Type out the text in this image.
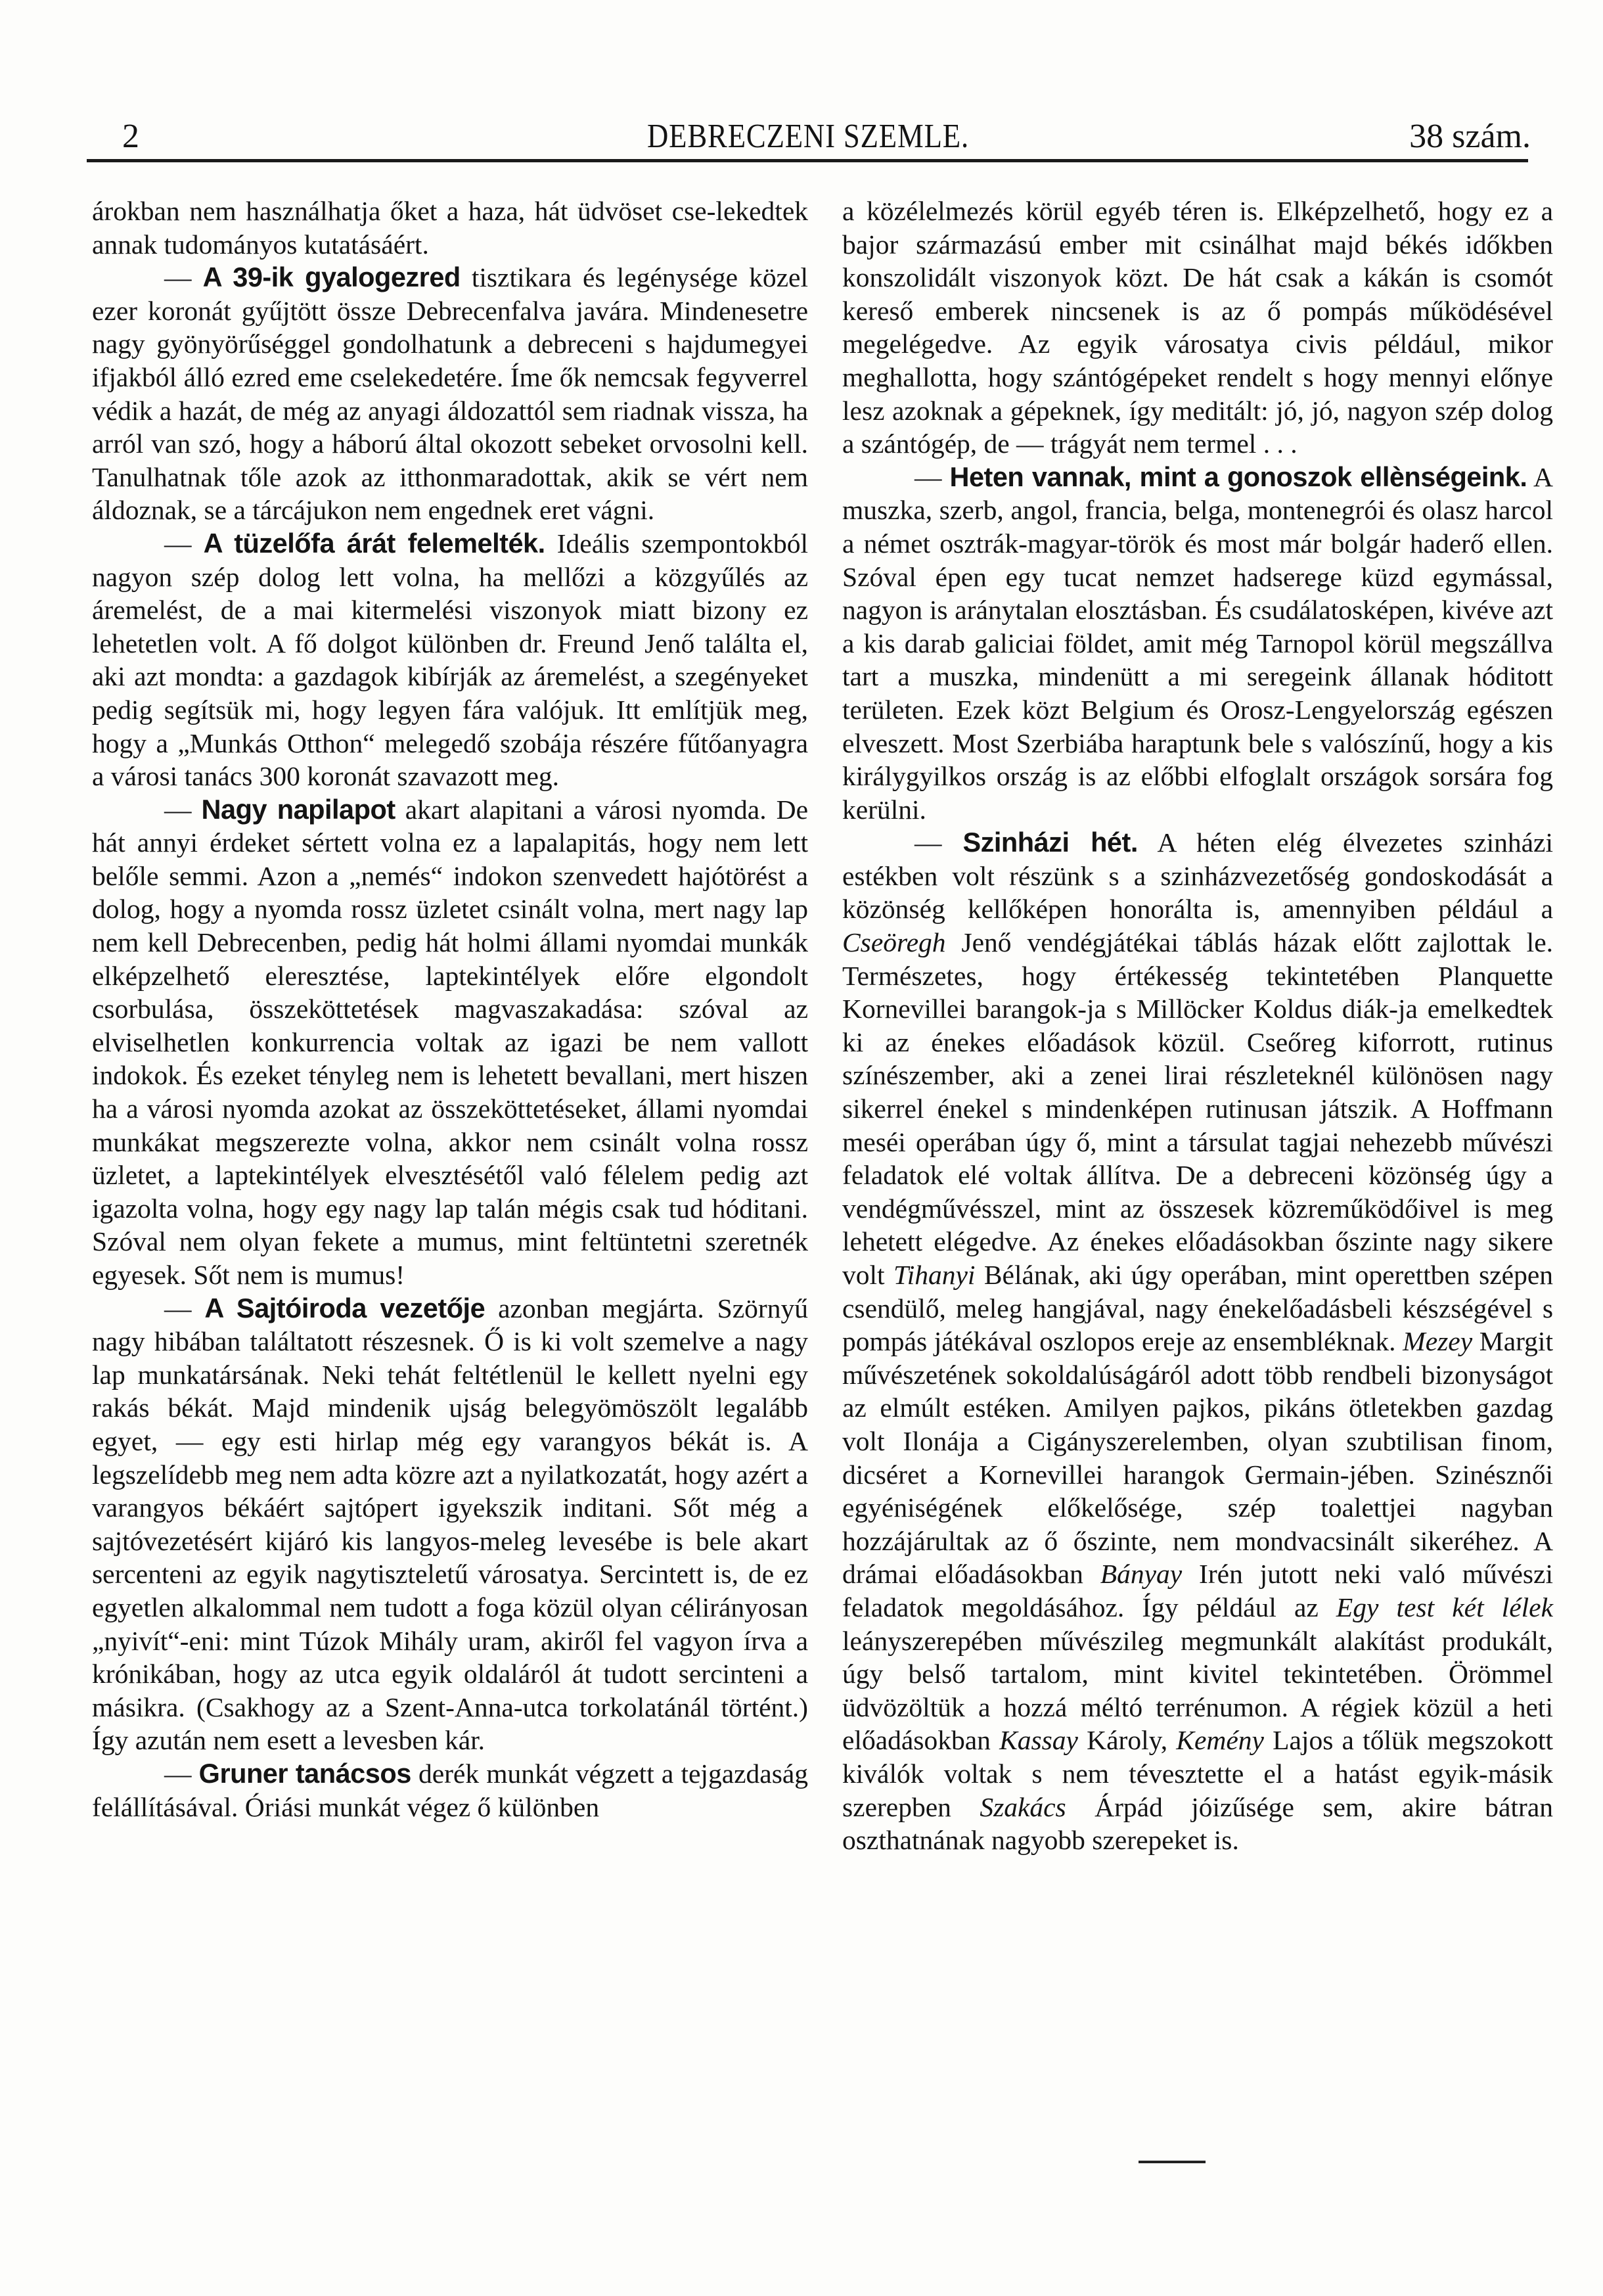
2	DEBRECZENI SZEMLE.	38 szám.

árokban nem használhatja őket a haza, hát üdvöset cse-lekedtek annak tudományos kutatásáért.

— A 39-ik gyalogezred tisztikara és legénysége közel ezer koronát gyűjtött össze Debrecenfalva javára. Mindenesetre nagy gyönyörűséggel gondolhatunk a debreceni s hajdumegyei ifjakból álló ezred eme cselekedetére. Íme ők nemcsak fegyverrel védik a hazát, de még az anyagi áldozattól sem riadnak vissza, ha arról van szó, hogy a háború által okozott sebeket orvosolni kell. Tanulhatnak tőle azok az itthonmaradottak, akik se vért nem áldoznak, se a tárcájukon nem engednek eret vágni.

— A tüzelőfa árát felemelték. Ideális szempontokból nagyon szép dolog lett volna, ha mellőzi a közgyűlés az áremelést, de a mai kitermelési viszonyok miatt bizony ez lehetetlen volt. A fő dolgot különben dr. Freund Jenő találta el, aki azt mondta: a gazdagok kibírják az áremelést, a szegényeket pedig segítsük mi, hogy legyen fára valójuk. Itt említjük meg, hogy a „Munkás Otthon“ melegedő szobája részére fűtőanyagra a városi tanács 300 koronát szavazott meg.

— Nagy napilapot akart alapitani a városi nyomda. De hát annyi érdeket sértett volna ez a lapalapitás, hogy nem lett belőle semmi. Azon a „nemés“ indokon szenvedett hajótörést a dolog, hogy a nyomda rossz üzletet csinált volna, mert nagy lap nem kell Debrecenben, pedig hát holmi állami nyomdai munkák elképzelhető eleresztése, laptekintélyek előre elgondolt csorbulása, összeköttetések magvaszakadása: szóval az elviselhetlen konkurrencia voltak az igazi be nem vallott indokok. És ezeket tényleg nem is lehetett bevallani, mert hiszen ha a városi nyomda azokat az összeköttetéseket, állami nyomdai munkákat megszerezte volna, akkor nem csinált volna rossz üzletet, a laptekintélyek elvesztésétől való félelem pedig azt igazolta volna, hogy egy nagy lap talán mégis csak tud hóditani. Szóval nem olyan fekete a mumus, mint feltüntetni szeretnék egyesek. Sőt nem is mumus!

— A Sajtóiroda vezetője azonban megjárta. Szörnyű nagy hibában találtatott részesnek. Ő is ki volt szemelve a nagy lap munkatársának. Neki tehát feltétlenül le kellett nyelni egy rakás békát. Majd mindenik ujság belegyömöszölt legalább egyet, — egy esti hirlap még egy varangyos békát is. A legszelídebb meg nem adta közre azt a nyilatkozatát, hogy azért a varangyos békáért sajtópert igyekszik inditani. Sőt még a sajtóvezetésért kijáró kis langyos-meleg levesébe is bele akart sercenteni az egyik nagytiszteletű városatya. Sercintett is, de ez egyetlen alkalommal nem tudott a foga közül olyan célirányosan „nyivít“-eni: mint Túzok Mihály uram, akiről fel vagyon írva a krónikában, hogy az utca egyik oldaláról át tudott sercinteni a másikra. (Csakhogy az a Szent-Anna-utca torkolatánál történt.) Így azután nem esett a levesben kár.

— Gruner tanácsos derék munkát végzett a tejgazdaság felállításával. Óriási munkát végez ő különben

a közélelmezés körül egyéb téren is. Elképzelhető, hogy ez a bajor származású ember mit csinálhat majd békés időkben konszolidált viszonyok közt. De hát csak a kákán is csomót kereső emberek nincsenek is az ő pompás működésével megelégedve. Az egyik városatya civis például, mikor meghallotta, hogy szántógépeket rendelt s hogy mennyi előnye lesz azoknak a gépeknek, így meditált: jó, jó, nagyon szép dolog a szántógép, de — trágyát nem termel . . .

— Heten vannak, mint a gonoszok ellènségeink. A muszka, szerb, angol, francia, belga, montenegrói és olasz harcol a német osztrák-magyar-török és most már bolgár haderő ellen. Szóval épen egy tucat nemzet hadserege küzd egymással, nagyon is aránytalan elosztásban. És csudálatosképen, kivéve azt a kis darab galiciai földet, amit még Tarnopol körül megszállva tart a muszka, mindenütt a mi seregeink állanak hóditott területen. Ezek közt Belgium és Orosz-Lengyelország egészen elveszett. Most Szerbiába haraptunk bele s valószínű, hogy a kis királygyilkos ország is az előbbi elfoglalt országok sorsára fog kerülni.

— Szinházi hét. A héten elég élvezetes szinházi estékben volt részünk s a szinházvezetőség gondoskodását a közönség kellőképen honorálta is, amennyiben például a Cseöregh Jenő vendégjátékai táblás házak előtt zajlottak le. Természetes, hogy értékesség tekintetében Planquette Kornevillei barangok-ja s Millöcker Koldus diák-ja emelkedtek ki az énekes előadások közül. Cseőreg kiforrott, rutinus színészember, aki a zenei lirai részleteknél különösen nagy sikerrel énekel s mindenképen rutinusan játszik. A Hoffmann meséi operában úgy ő, mint a társulat tagjai nehezebb művészi feladatok elé voltak állítva. De a debreceni közönség úgy a vendégművésszel, mint az összesek közreműködőivel is meg lehetett elégedve. Az énekes előadásokban őszinte nagy sikere volt Tihanyi Bélának, aki úgy operában, mint operettben szépen csendülő, meleg hangjával, nagy énekelőadásbeli készségével s pompás játékával oszlopos ereje az ensembléknak. Mezey Margit művészetének sokoldalúságáról adott több rendbeli bizonyságot az elmúlt estéken. Amilyen pajkos, pikáns ötletekben gazdag volt Ilonája a Cigányszerelemben, olyan szubtilisan finom, dicséret a Kornevillei harangok Germain-jében. Szinésznői egyéniségének előkelősége, szép toalettjei nagyban hozzájárultak az ő őszinte, nem mondvacsinált sikeréhez. A drámai előadásokban Bányay Irén jutott neki való művészi feladatok megoldásához. Így például az Egy test két lélek leányszerepében művészileg megmunkált alakítást produkált, úgy belső tartalom, mint kivitel tekintetében. Örömmel üdvözöltük a hozzá méltó terrénumon. A régiek közül a heti előadásokban Kassay Károly, Kemény Lajos a tőlük megszokott kiválók voltak s nem tévesztette el a hatást egyik-másik szerepben Szakács Árpád jóizűsége sem, akire bátran oszthatnának nagyobb szerepeket is.
